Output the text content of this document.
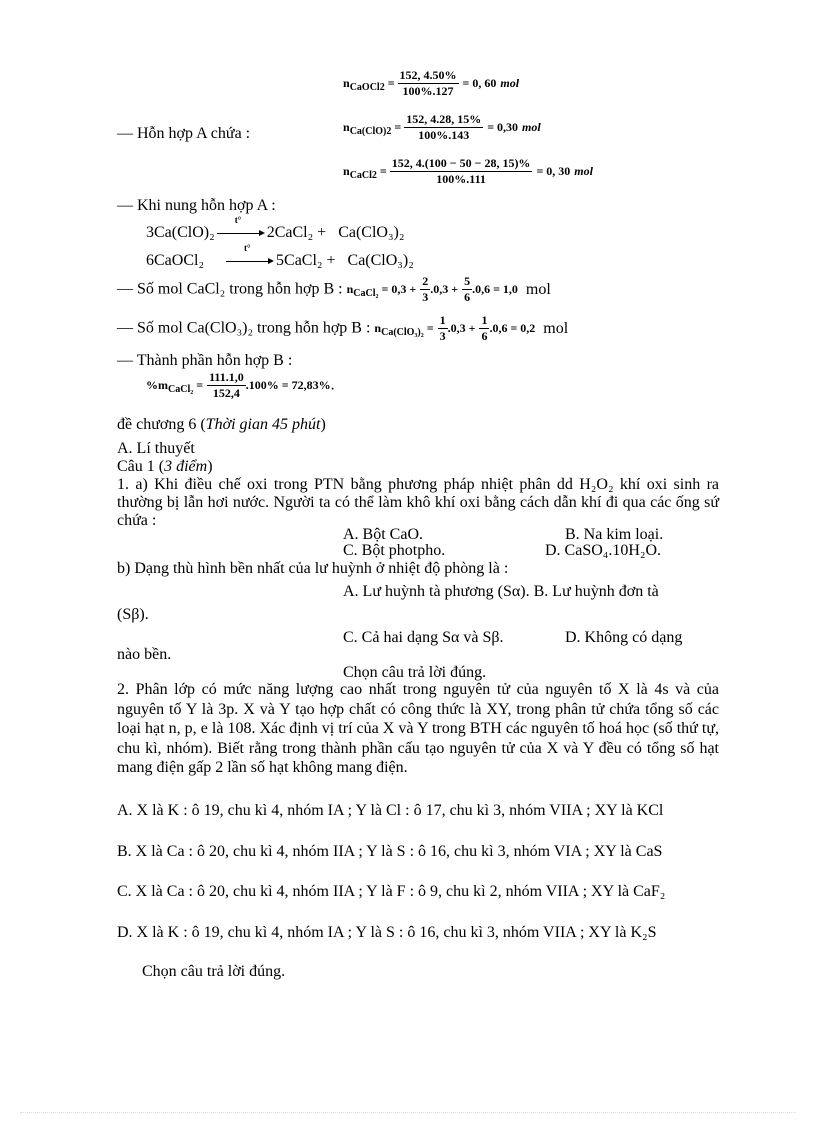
$n_{CaOCl2} = \frac{152, 4.50\%}{100\%.127} = 0$, 60 mol
— Hỗn hợp A chứa :	$n_{Ca(ClO)2} = \frac{152, 4.28, 15\%}{100\%.143} = 0,30$ mol
$n_{CaCl2} = \frac{152, 4.(100 - 50 - 28, 15)\%}{100\%.111} = 0$, 30 mol
— Khi nung hỗn hợp A :
3Ca(ClO)₂
t°
2CaCl₂ + Ca(ClO₃)₂
6CaOCl₂
t°
5CaCl₂ + Ca(ClO₃)₂
— Số mol CaCl₂ trong hỗn hợp B : $n_{CaCl_2} = 0,3 + \frac{2}{3} .0,3 + \frac{5}{6} .0,6 = 1,0$ mol
— Số mol Ca(ClO₃)₂ trong hỗn hợp B : $n_{Ca(ClO_3)_2} = \frac{1}{3} .0,3 + \frac{1}{6} .0,6 = 0,2$ mol
— Thành phần hỗn hợp B :
$\%m_{CaCl_2} = \frac{111.1,0}{152,4} .100\% = 72,83\%$.
đề chương 6 (Thời gian 45 phút)
A. Lí thuyết
Câu 1 (3 điểm)
1. a) Khi điều chế oxi trong PTN bằng phương pháp nhiệt phân dd H₂O₂ khí oxi sinh ra thường bị lẫn hơi nước. Người ta có thể làm khô khí oxi bằng cách dẫn khí đi qua các ống sứ chứa :
A. Bột CaO.	B. Na kim loại.
C. Bột photpho.	D. CaSO₄.10H₂O.
b) Dạng thù hình bền nhất của lư huỳnh ở nhiệt độ phòng là :
A. Lư huỳnh tà phương (Sα). B. Lư huỳnh đơn tà
(Sβ).
C. Cả hai dạng Sα và Sβ.	D. Không có dạng
nào bền.
Chọn câu trả lời đúng.
2. Phân lớp có mức năng lượng cao nhất trong nguyên tử của nguyên tố X là 4s và của nguyên tố Y là 3p. X và Y tạo hợp chất có công thức là XY, trong phân tử chứa tổng số các loại hạt n, p, e là 108. Xác định vị trí của X và Y trong BTH các nguyên tố hoá học (số thứ tự, chu kì, nhóm). Biết rằng trong thành phần cấu tạo nguyên tử của X và Y đều có tổng số hạt mang điện gấp 2 lần số hạt không mang điện.
A. X là K : ô 19, chu kì 4, nhóm IA ; Y là Cl : ô 17, chu kì 3, nhóm VIIA ; XY là KCl
B. X là Ca : ô 20, chu kì 4, nhóm IIA ; Y là S : ô 16, chu kì 3, nhóm VIA ; XY là CaS
C. X là Ca : ô 20, chu kì 4, nhóm IIA ; Y là F : ô 9, chu kì 2, nhóm VIIA ; XY là CaF₂
D. X là K : ô 19, chu kì 4, nhóm IA ; Y là S : ô 16, chu kì 3, nhóm VIIA ; XY là K₂S
Chọn câu trả lời đúng.
